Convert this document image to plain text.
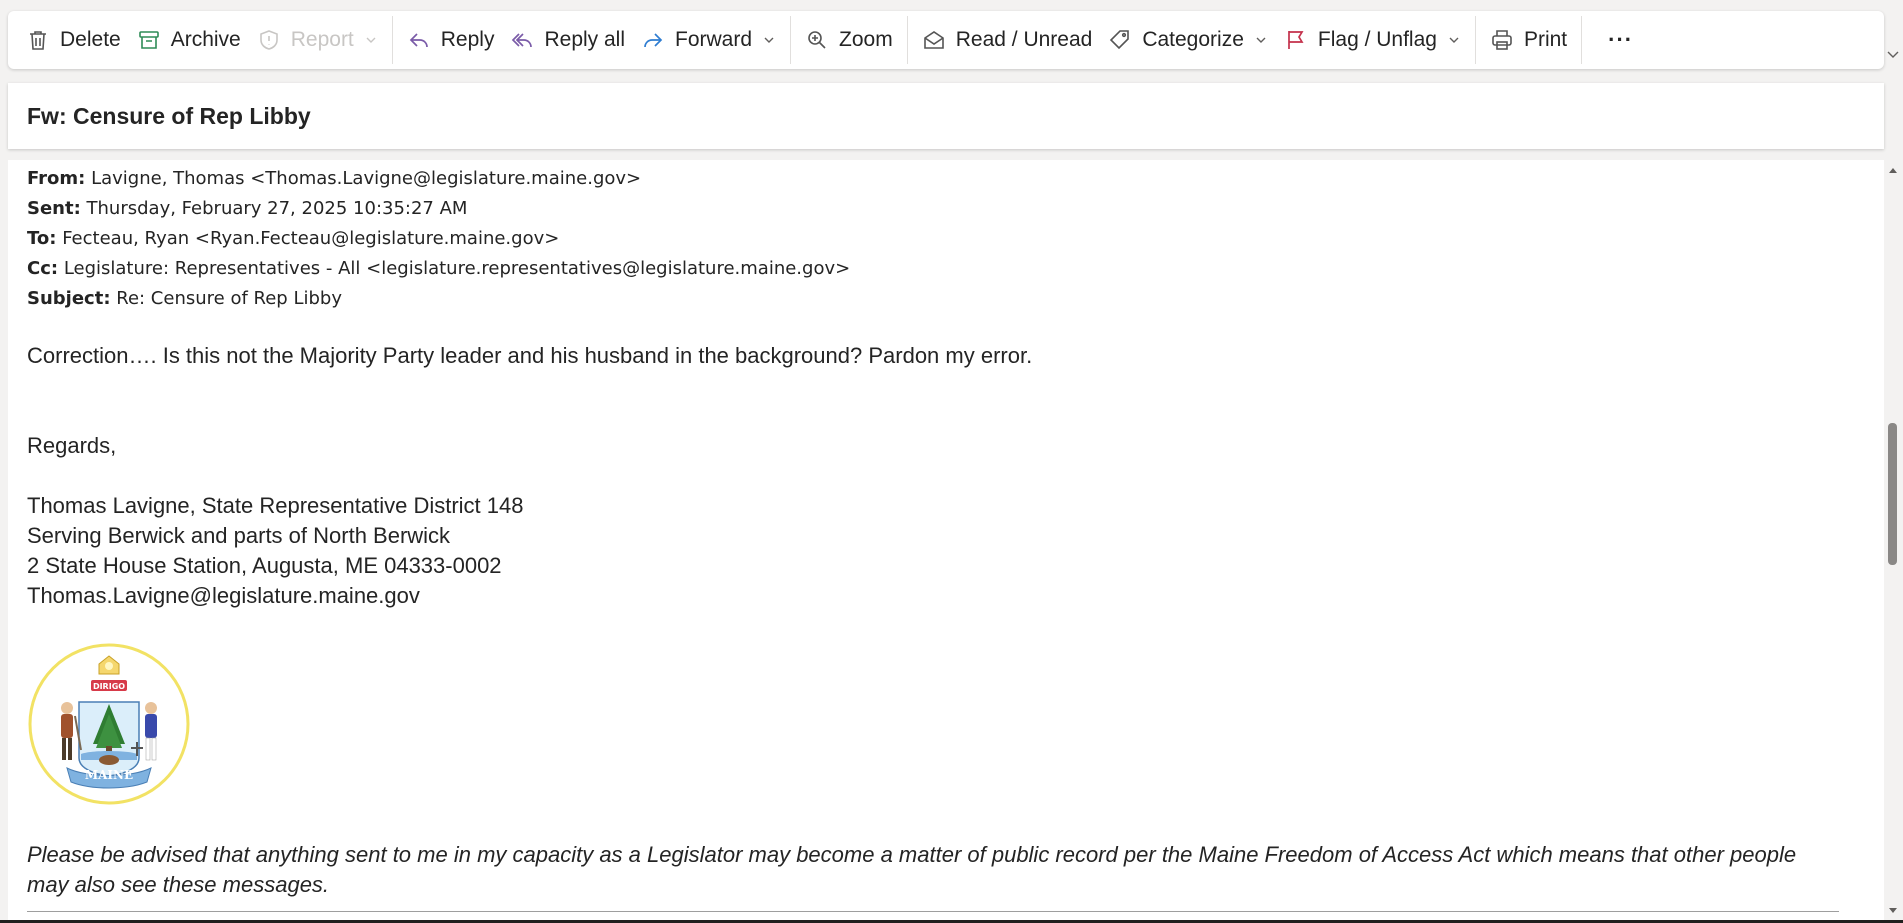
Delete Archive Report	Reply Reply all Forward	Zoom	Read / Unread Categorize	Flag / Unflag	Print ···
Fw: Censure of Rep Libby
From: Lavigne, Thomas <Thomas.Lavigne@legislature.maine.gov>
Sent: Thursday, February 27, 2025 10:35:27 AM
To: Fecteau, Ryan <Ryan.Fecteau@legislature.maine.gov>
Cc: Legislature: Representatives - All <legislature.representatives@legislature.maine.gov>
Subject: Re: Censure of Rep Libby
Correction…. Is this not the Majority Party leader and his husband in the background? Pardon my error.
Regards,
Thomas Lavigne, State Representative District 148
Serving Berwick and parts of North Berwick
2 State House Station, Augusta, ME 04333-0002
Thomas.Lavigne@legislature.maine.gov
DIRIGO
MAINE
Please be advised that anything sent to me in my capacity as a Legislator may become a matter of public record per the Maine Freedom of Access Act which means that other people may also see these messages.
